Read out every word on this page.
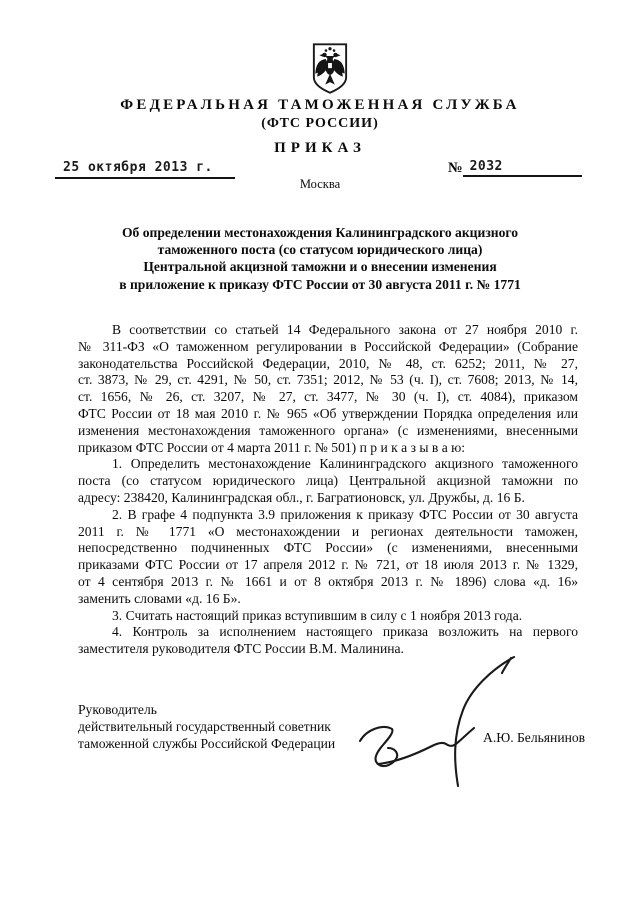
ФЕДЕРАЛЬНАЯ ТАМОЖЕННАЯ СЛУЖБА
(ФТС РОССИИ)
ПРИКАЗ
25 октября 2013 г.	№ 2032
Москва
Об определении местонахождения Калининградского акцизного
таможенного поста (со статусом юридического лица)
Центральной акцизной таможни и о внесении изменения
в приложение к приказу ФТС России от 30 августа 2011 г. № 1771
В соответствии со статьей 14 Федерального закона от 27 ноября 2010 г.
№ 311-ФЗ «О таможенном регулировании в Российской Федерации» (Собрание
законодательства Российской Федерации, 2010, № 48, ст. 6252; 2011, № 27,
ст. 3873, № 29, ст. 4291, № 50, ст. 7351; 2012, № 53 (ч. I), ст. 7608; 2013, № 14,
ст. 1656, № 26, ст. 3207, № 27, ст. 3477, № 30 (ч. I), ст. 4084), приказом
ФТС России от 18 мая 2010 г. № 965 «Об утверждении Порядка определения или
изменения местонахождения таможенного органа» (с изменениями, внесенными
приказом ФТС России от 4 марта 2011 г. № 501) п р и к а з ы в а ю:
1. Определить местонахождение Калининградского акцизного таможенного
поста (со статусом юридического лица) Центральной акцизной таможни по
адресу: 238420, Калининградская обл., г. Багратионовск, ул. Дружбы, д. 16 Б.
2. В графе 4 подпункта 3.9 приложения к приказу ФТС России от 30 августа
2011 г. № 1771 «О местонахождении и регионах деятельности таможен,
непосредственно подчиненных ФТС России» (с изменениями, внесенными
приказами ФТС России от 17 апреля 2012 г. № 721, от 18 июля 2013 г. № 1329,
от 4 сентября 2013 г. № 1661 и от 8 октября 2013 г. № 1896) слова «д. 16»
заменить словами «д. 16 Б».
3. Считать настоящий приказ вступившим в силу с 1 ноября 2013 года.
4. Контроль за исполнением настоящего приказа возложить на первого
заместителя руководителя ФТС России В.М. Малинина.
Руководитель
действительный государственный советник
таможенной службы Российской Федерации	А.Ю. Бельянинов
